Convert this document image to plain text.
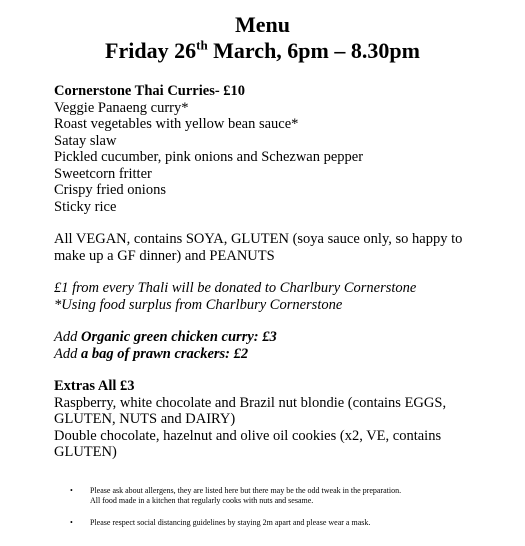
Menu
Friday 26th March, 6pm – 8.30pm
Cornerstone Thai Curries- £10
Veggie Panaeng curry*
Roast vegetables with yellow bean sauce*
Satay slaw
Pickled cucumber, pink onions and Schezwan pepper
Sweetcorn fritter
Crispy fried onions
Sticky rice
All VEGAN, contains SOYA, GLUTEN (soya sauce only, so happy to
make up a GF dinner) and PEANUTS
£1 from every Thali will be donated to Charlbury Cornerstone
*Using food surplus from Charlbury Cornerstone
Add Organic green chicken curry: £3
Add a bag of prawn crackers: £2
Extras All £3
Raspberry, white chocolate and Brazil nut blondie (contains EGGS,
GLUTEN, NUTS and DAIRY)
Double chocolate, hazelnut and olive oil cookies (x2, VE, contains
GLUTEN)
• Please ask about allergens, they are listed here but there may be the odd tweak in the preparation.
All food made in a kitchen that regularly cooks with nuts and sesame.
• Please respect social distancing guidelines by staying 2m apart and please wear a mask.
